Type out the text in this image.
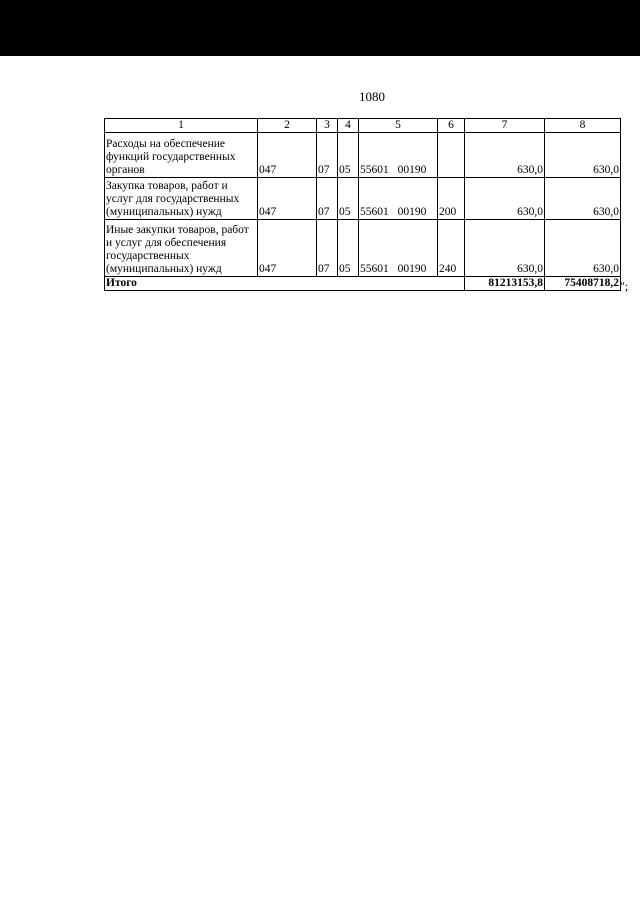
1080
1	2	3	4	5	6	7	8
Расходы на обеспечение функций государственных органов	047	07	05	55601 00190		630,0	630,0
Закупка товаров, работ и услуг для государственных (муниципальных) нужд	047	07	05	55601 00190	200	630,0	630,0
Иные закупки товаров, работ и услуг для обеспечения государственных (муниципальных) нужд	047	07	05	55601 00190	240	630,0	630,0
Итого						81213153,8	75408718,2 ";
